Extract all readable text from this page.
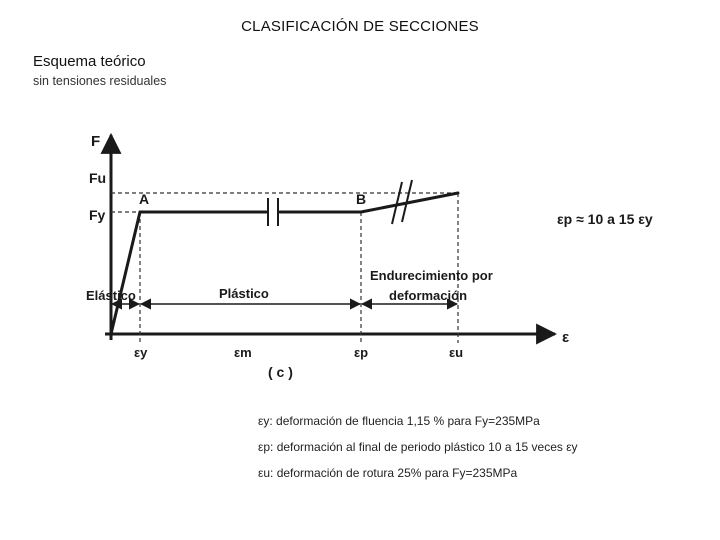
CLASIFICACIÓN DE SECCIONES
Esquema teórico
sin tensiones residuales
F
ε
Fu
Fy
A	B
Elástico	Plástico
Endurecimiento por
deformación
εy	εm	εp	εu
( c )
εp ≈ 10 a 15 εy
εy: deformación de fluencia 1,15 % para Fy=235MPa
εp: deformación al final de periodo plástico 10 a 15 veces εy
εu: deformación de rotura 25% para Fy=235MPa
